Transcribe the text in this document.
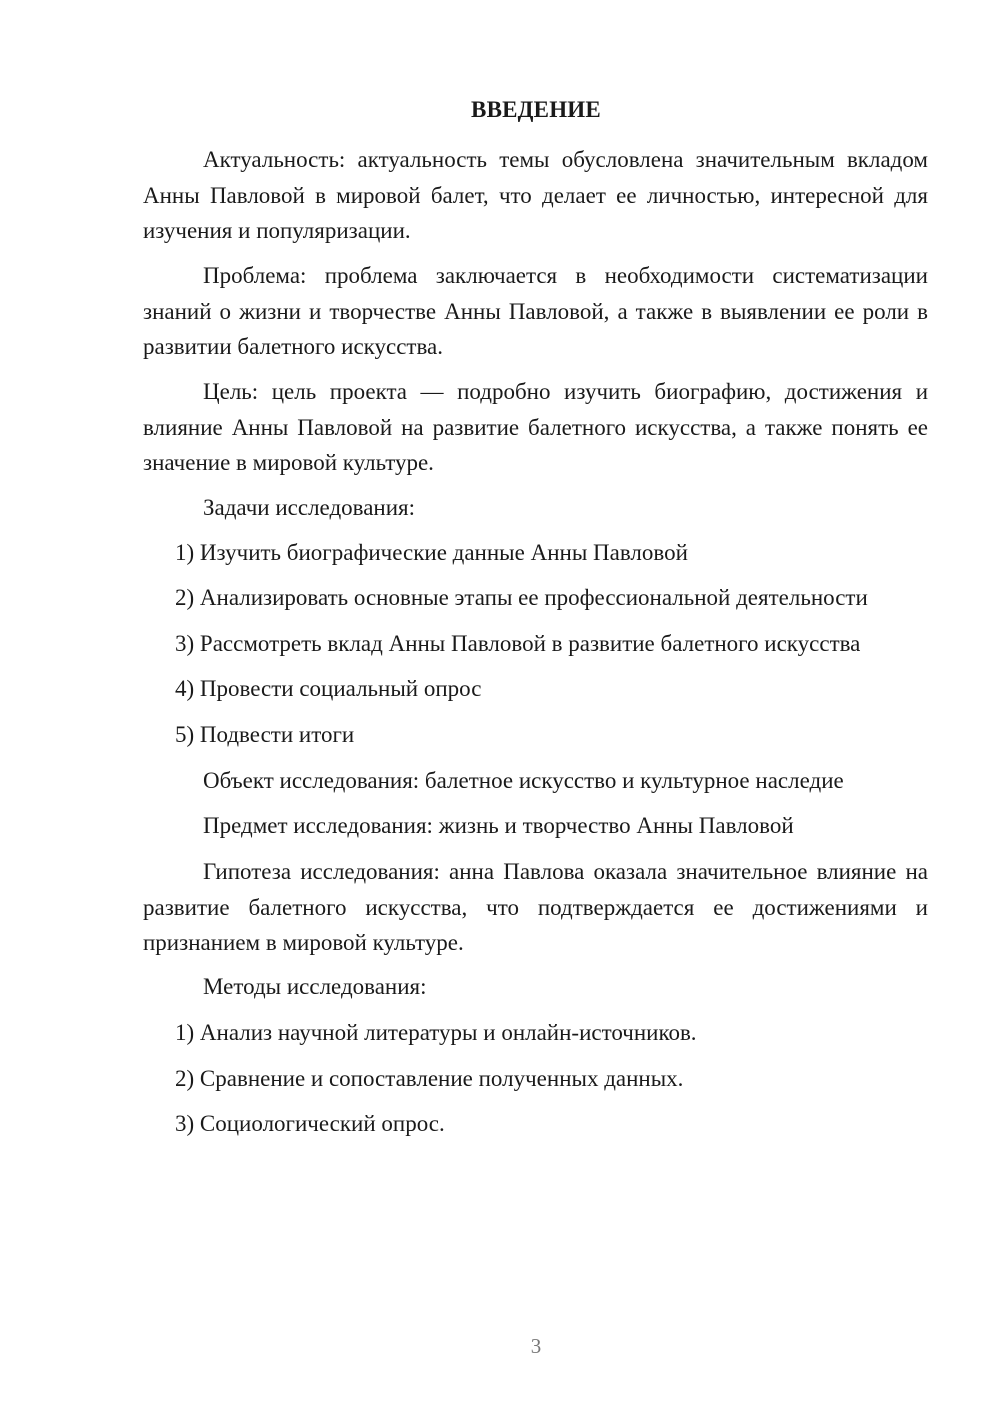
ВВЕДЕНИЕ

Актуальность: актуальность темы обусловлена значительным вкладом Анны Павловой в мировой балет, что делает ее личностью, интересной для изучения и популяризации.

Проблема: проблема заключается в необходимости систематизации знаний о жизни и творчестве Анны Павловой, а также в выявлении ее роли в развитии балетного искусства.

Цель: цель проекта — подробно изучить биографию, достижения и влияние Анны Павловой на развитие балетного искусства, а также понять ее значение в мировой культуре.

Задачи исследования:

1) Изучить биографические данные Анны Павловой

2) Анализировать основные этапы ее профессиональной деятельности

3) Рассмотреть вклад Анны Павловой в развитие балетного искусства

4) Провести социальный опрос

5) Подвести итоги

Объект исследования: балетное искусство и культурное наследие

Предмет исследования: жизнь и творчество Анны Павловой

Гипотеза исследования: анна Павлова оказала значительное влияние на развитие балетного искусства, что подтверждается ее достижениями и признанием в мировой культуре.

Методы исследования:

1) Анализ научной литературы и онлайн-источников.

2) Сравнение и сопоставление полученных данных.

3) Социологический опрос.

3
